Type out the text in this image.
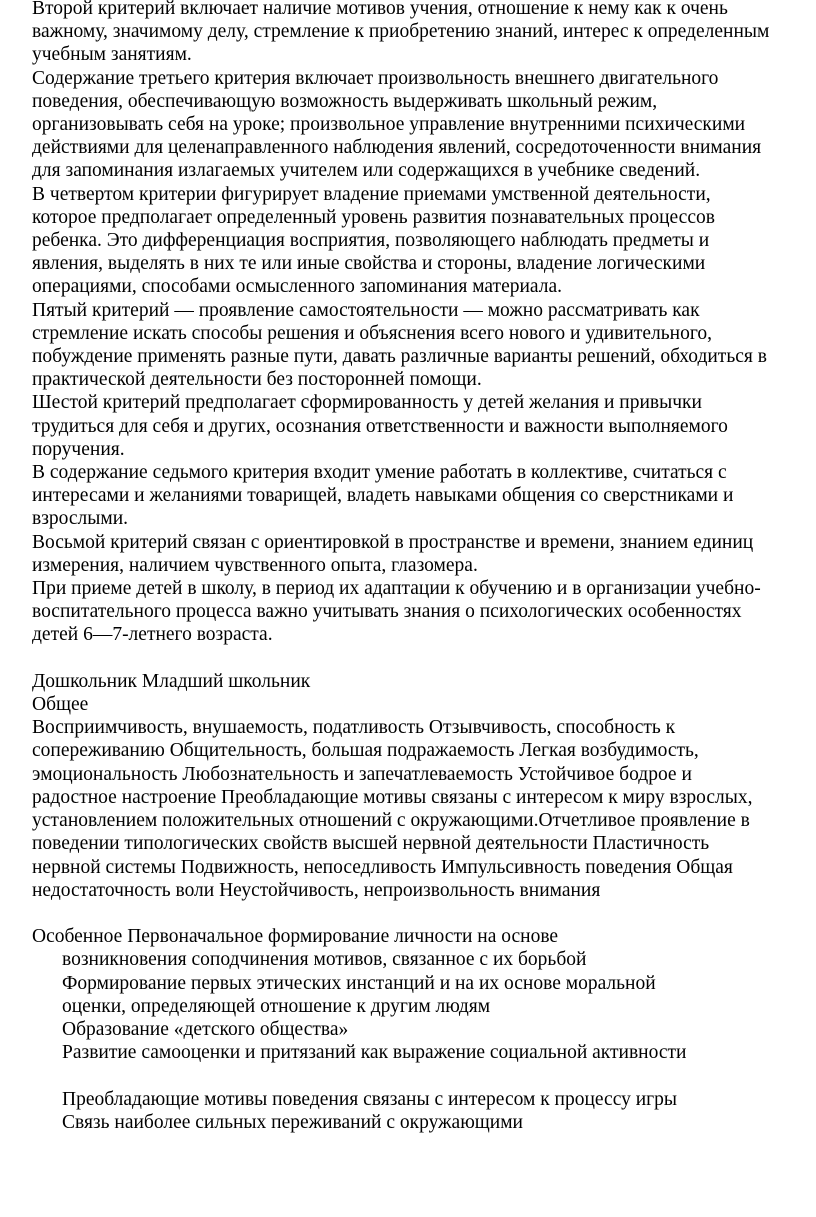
Второй критерий включает наличие мотивов учения, отношение к нему как к очень важному, значимому делу, стремление к приобретению знаний, интерес к определенным учебным занятиям.

Содержание третьего критерия включает произвольность внешнего двигательного поведения, обеспечивающую возможность выдерживать школьный режим, организовывать себя на уроке; произвольное управление внутренними психическими действиями для целенаправленного наблюдения явлений, сосредоточенности внимания для запоминания излагаемых учителем или содержащихся в учебнике сведений.

В четвертом критерии фигурирует владение приемами умственной деятельности, которое предполагает определенный уровень развития познавательных процессов ребенка. Это дифференциация восприятия, позволяющего наблюдать предметы и явления, выделять в них те или иные свойства и стороны, владение логическими операциями, способами осмысленного запоминания материала.

Пятый критерий — проявление самостоятельности — можно рассматривать как стремление искать способы решения и объяснения всего нового и удивительного, побуждение применять разные пути, давать различные варианты решений, обходиться в практической деятельности без посторонней помощи.

Шестой критерий предполагает сформированность у детей желания и привычки трудиться для себя и других, осознания ответственности и важности выполняемого поручения.

В содержание седьмого критерия входит умение работать в коллективе, считаться с интересами и желаниями товарищей, владеть навыками общения со сверстниками и взрослыми.

Восьмой критерий связан с ориентировкой в пространстве и времени, знанием единиц измерения, наличием чувственного опыта, глазомера.

При приеме детей в школу, в период их адаптации к обучению и в организации учебно-воспитательного процесса важно учитывать знания о психологических особенностях детей 6—7-летнего возраста.

Дошкольник Младший школьник

Общее

Восприимчивость, внушаемость, податливость Отзывчивость, способность к сопереживанию Общительность, большая подражаемость Легкая возбудимость, эмоциональность Любознательность и запечатлеваемость Устойчивое бодрое и радостное настроение Преобладающие мотивы связаны с интересом к миру взрослых, установлением положительных отношений с окружающими.Отчетливое проявление в поведении типологических свойств высшей нервной деятельности Пластичность нервной системы Подвижность, непоседливость Импульсивность поведения Общая недостаточность воли Неустойчивость, непроизвольность внимания

Особенное Первоначальное формирование личности на основе

возникновения соподчинения мотивов, связанное с их борьбой

Формирование первых этических инстанций и на их основе моральной

оценки, определяющей отношение к другим людям

Образование «детского общества»

Развитие самооценки и притязаний как выражение социальной активности

Преобладающие мотивы поведения связаны с интересом к процессу игры

Связь наиболее сильных переживаний с окружающими
